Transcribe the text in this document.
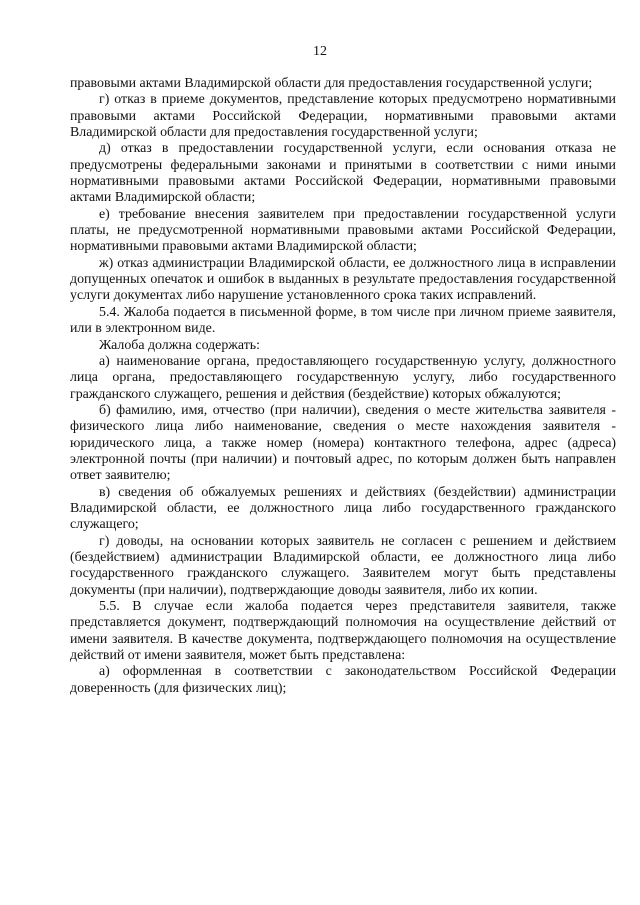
12

правовыми актами Владимирской области для предоставления государственной услуги;

г) отказ в приеме документов, представление которых предусмотрено нормативными правовыми актами Российской Федерации, нормативными правовыми актами Владимирской области для предоставления государственной услуги;

д) отказ в предоставлении государственной услуги, если основания отказа не предусмотрены федеральными законами и принятыми в соответствии с ними иными нормативными правовыми актами Российской Федерации, нормативными правовыми актами Владимирской области;

е) требование внесения заявителем при предоставлении государственной услуги платы, не предусмотренной нормативными правовыми актами Российской Федерации, нормативными правовыми актами Владимирской области;

ж) отказ администрации Владимирской области, ее должностного лица в исправлении допущенных опечаток и ошибок в выданных в результате предоставления государственной услуги документах либо нарушение установленного срока таких исправлений.

5.4. Жалоба подается в письменной форме, в том числе при личном приеме заявителя, или в электронном виде.

Жалоба должна содержать:

а) наименование органа, предоставляющего государственную услугу, должностного лица органа, предоставляющего государственную услугу, либо государственного гражданского служащего, решения и действия (бездействие) которых обжалуются;

б) фамилию, имя, отчество (при наличии), сведения о месте жительства заявителя - физического лица либо наименование, сведения о месте нахождения заявителя - юридического лица, а также номер (номера) контактного телефона, адрес (адреса) электронной почты (при наличии) и почтовый адрес, по которым должен быть направлен ответ заявителю;

в) сведения об обжалуемых решениях и действиях (бездействии) администрации Владимирской области, ее должностного лица либо государственного гражданского служащего;

г) доводы, на основании которых заявитель не согласен с решением и действием (бездействием) администрации Владимирской области, ее должностного лица либо государственного гражданского служащего. Заявителем могут быть представлены документы (при наличии), подтверждающие доводы заявителя, либо их копии.

5.5. В случае если жалоба подается через представителя заявителя, также представляется документ, подтверждающий полномочия на осуществление действий от имени заявителя. В качестве документа, подтверждающего полномочия на осуществление действий от имени заявителя, может быть представлена:

а) оформленная в соответствии с законодательством Российской Федерации доверенность (для физических лиц);
